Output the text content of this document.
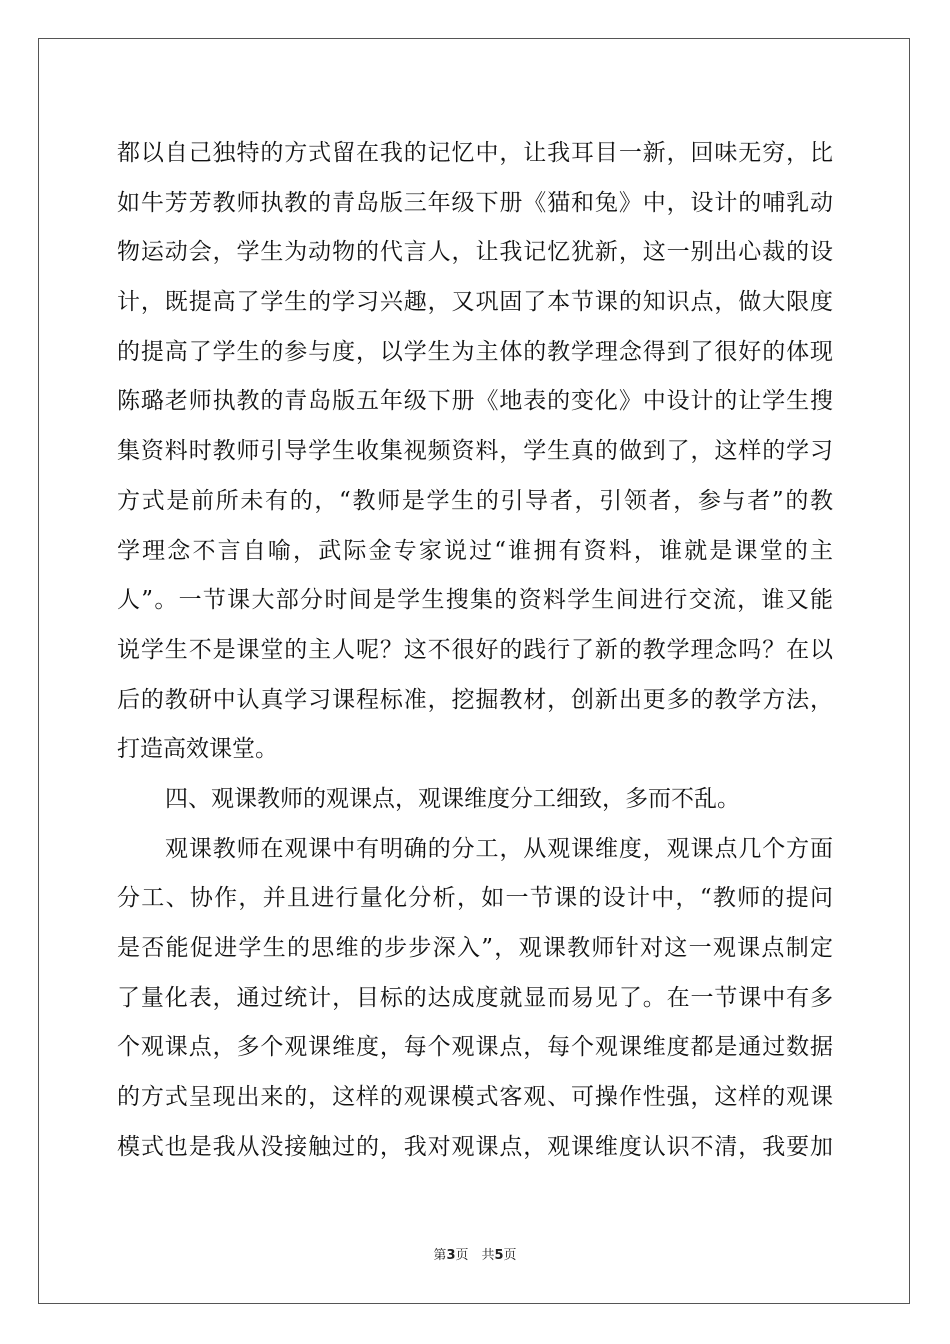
都以自己独特的方式留在我的记忆中，让我耳目一新，回味无穷，比
如牛芳芳教师执教的青岛版三年级下册《猫和兔》中，设计的哺乳动
物运动会，学生为动物的代言人，让我记忆犹新，这一别出心裁的设
计，既提高了学生的学习兴趣，又巩固了本节课的知识点，做大限度
的提高了学生的参与度，以学生为主体的教学理念得到了很好的体现
陈璐老师执教的青岛版五年级下册《地表的变化》中设计的让学生搜
集资料时教师引导学生收集视频资料，学生真的做到了，这样的学习
方式是前所未有的，“教师是学生的引导者，引领者，参与者”的教
学理念不言自喻，武际金专家说过“谁拥有资料，谁就是课堂的主
人”。一节课大部分时间是学生搜集的资料学生间进行交流，谁又能
说学生不是课堂的主人呢？这不很好的践行了新的教学理念吗？在以
后的教研中认真学习课程标准，挖掘教材，创新出更多的教学方法，
打造高效课堂。
四、观课教师的观课点，观课维度分工细致，多而不乱。
观课教师在观课中有明确的分工，从观课维度，观课点几个方面
分工、协作，并且进行量化分析，如一节课的设计中，“教师的提问
是否能促进学生的思维的步步深入”，观课教师针对这一观课点制定
了量化表，通过统计，目标的达成度就显而易见了。在一节课中有多
个观课点，多个观课维度，每个观课点，每个观课维度都是通过数据
的方式呈现出来的，这样的观课模式客观、可操作性强，这样的观课
模式也是我从没接触过的，我对观课点，观课维度认识不清，我要加
第3页　共5页
